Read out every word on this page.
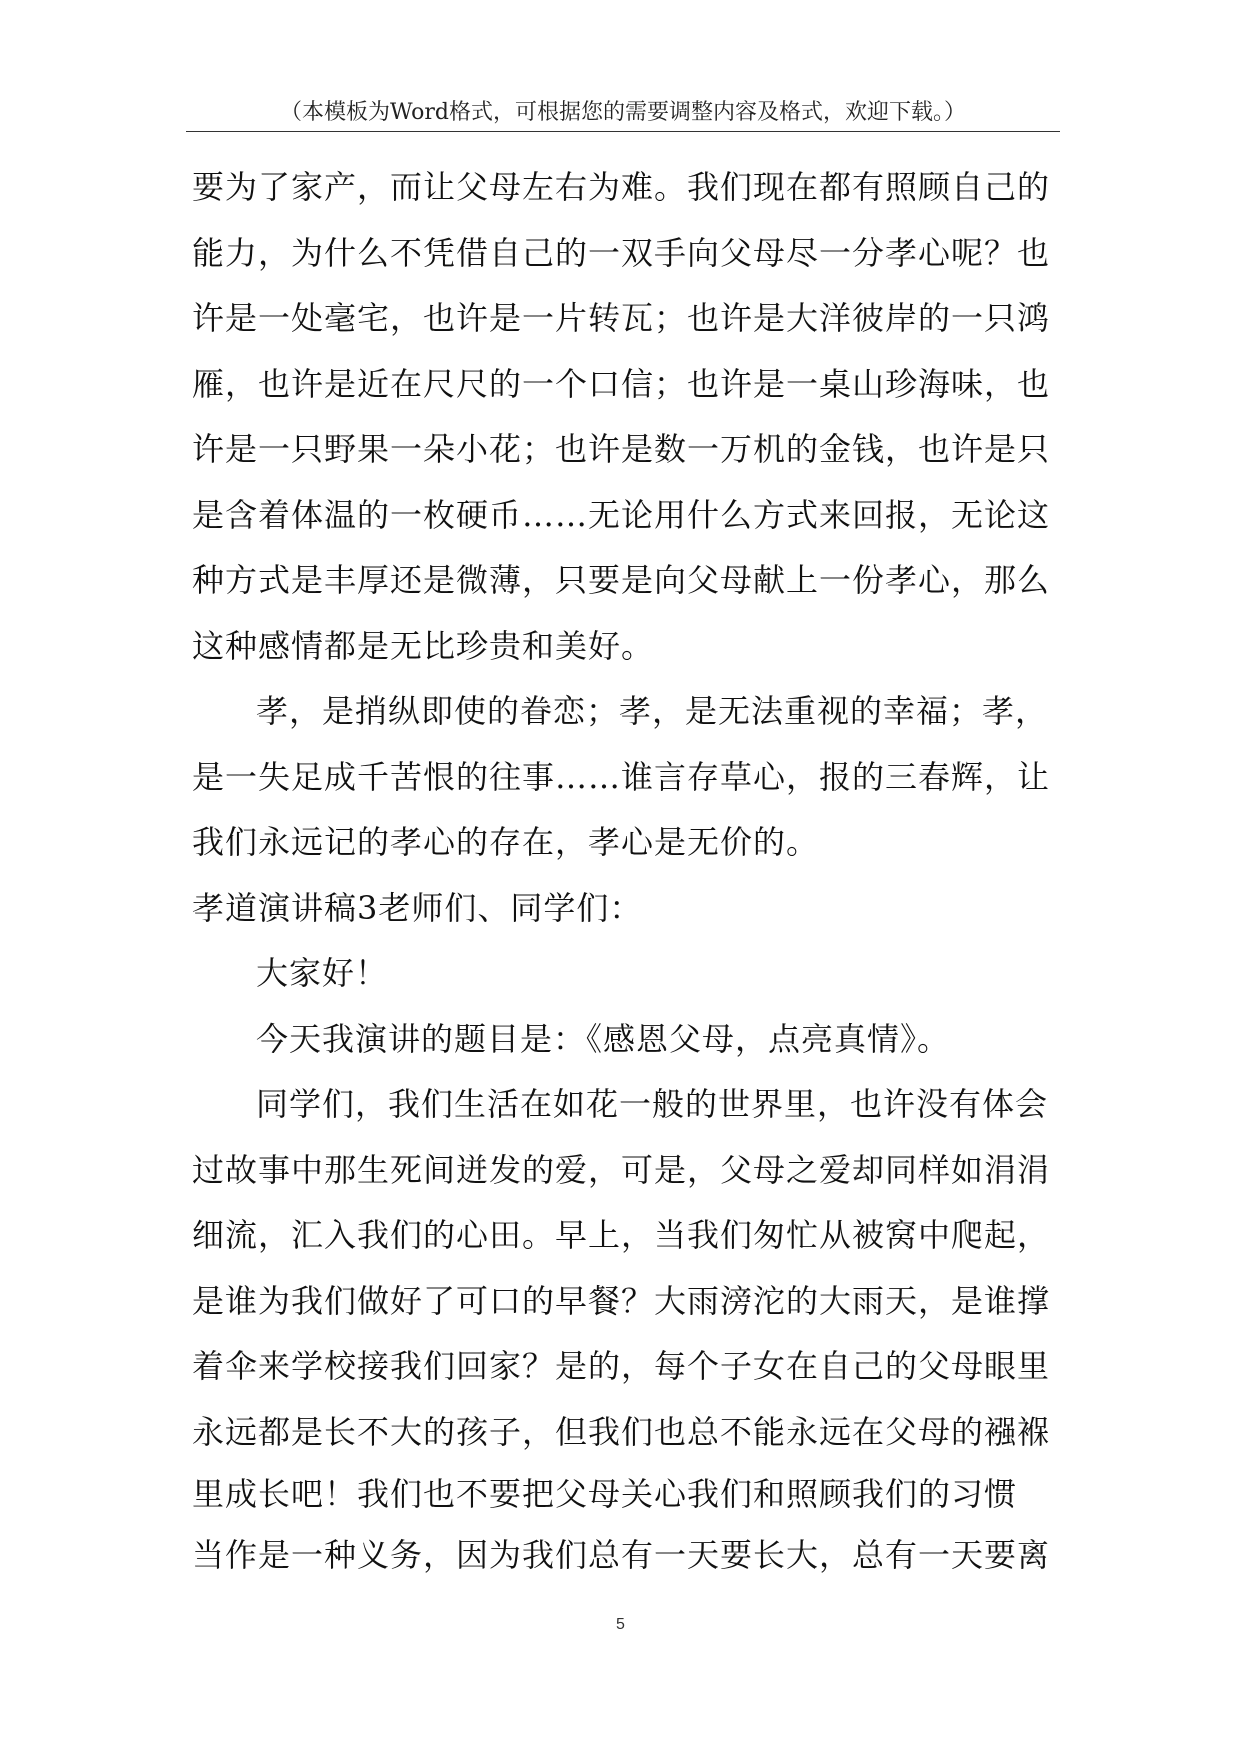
（本模板为Word格式，可根据您的需要调整内容及格式，欢迎下载。）
要为了家产，而让父母左右为难。我们现在都有照顾自己的
能力，为什么不凭借自己的一双手向父母尽一分孝心呢？也
许是一处毫宅，也许是一片转瓦；也许是大洋彼岸的一只鸿
雁，也许是近在尺尺的一个口信；也许是一桌山珍海味，也
许是一只野果一朵小花；也许是数一万机的金钱，也许是只
是含着体温的一枚硬币……无论用什么方式来回报，无论这
种方式是丰厚还是微薄，只要是向父母献上一份孝心，那么
这种感情都是无比珍贵和美好。
孝，是捎纵即使的眷恋；孝，是无法重视的幸福；孝，
是一失足成千苦恨的往事……谁言存草心，报的三春辉，让
我们永远记的孝心的存在，孝心是无价的。
孝道演讲稿3老师们、同学们：
大家好！
今天我演讲的题目是：《感恩父母，点亮真情》。
同学们，我们生活在如花一般的世界里，也许没有体会
过故事中那生死间迸发的爱，可是，父母之爱却同样如涓涓
细流，汇入我们的心田。早上，当我们匆忙从被窝中爬起，
是谁为我们做好了可口的早餐？大雨滂沱的大雨天，是谁撑
着伞来学校接我们回家？是的，每个子女在自己的父母眼里
永远都是长不大的孩子，但我们也总不能永远在父母的襁褓
里成长吧！我们也不要把父母关心我们和照顾我们的习惯
当作是一种义务，因为我们总有一天要长大，总有一天要离
5
